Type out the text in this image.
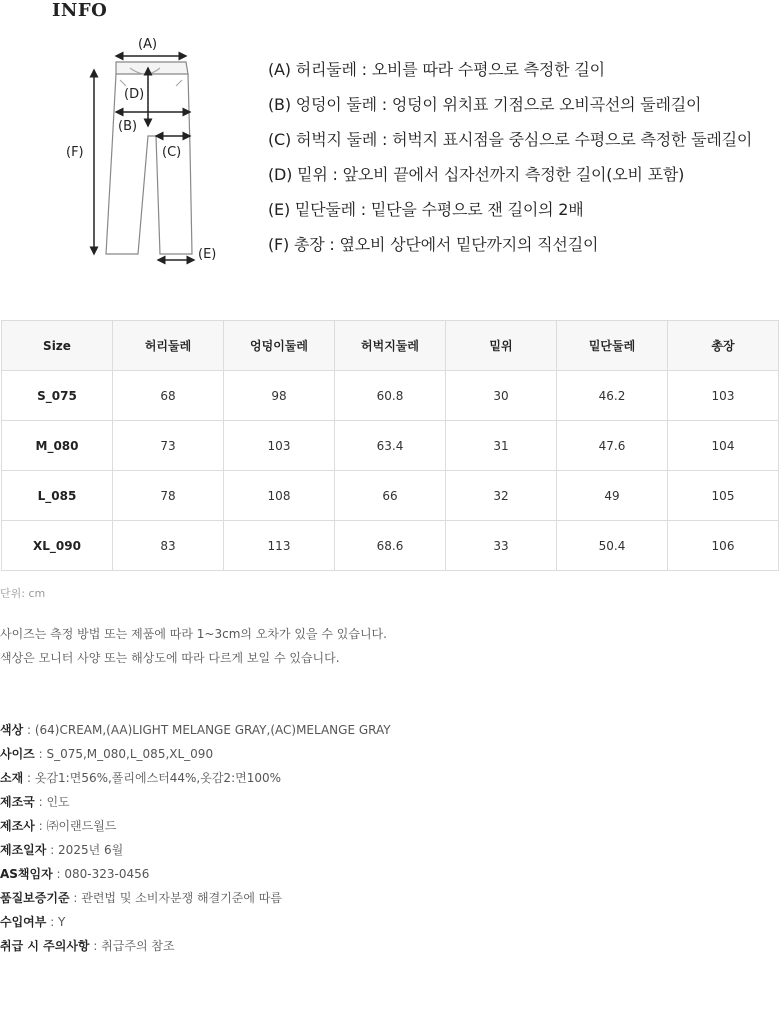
INFO
(A)
(D)
(B)
(C)
(F)
(E)
(A) 허리둘레 : 오비를 따라 수평으로 측정한 길이
(B) 엉덩이 둘레 : 엉덩이 위치표 기점으로 오비곡선의 둘레길이
(C) 허벅지 둘레 : 허벅지 표시점을 중심으로 수평으로 측정한 둘레길이
(D) 밑위 : 앞오비 끝에서 십자선까지 측정한 길이(오비 포함)
(E) 밑단둘레 : 밑단을 수평으로 잰 길이의 2배
(F) 총장 : 옆오비 상단에서 밑단까지의 직선길이
Size	허리둘레	엉덩이둘레	허벅지둘레	밑위	밑단둘레	총장
S_075	68	98	60.8	30	46.2	103
M_080	73	103	63.4	31	47.6	104
L_085	78	108	66	32	49	105
XL_090	83	113	68.6	33	50.4	106
단위: cm
사이즈는 측정 방법 또는 제품에 따라 1~3cm의 오차가 있을 수 있습니다.
색상은 모니터 사양 또는 해상도에 따라 다르게 보일 수 있습니다.
색상 : (64)CREAM,(AA)LIGHT MELANGE GRAY,(AC)MELANGE GRAY
사이즈 : S_075,M_080,L_085,XL_090
소재 : 옷감1:면56%,폴리에스터44%,옷감2:면100%
제조국 : 인도
제조사 : ㈜이랜드월드
제조일자 : 2025년 6월
AS책임자 : 080-323-0456
품질보증기준 : 관련법 및 소비자분쟁 해결기준에 따름
수입여부 : Y
취급 시 주의사항 : 취급주의 참조
